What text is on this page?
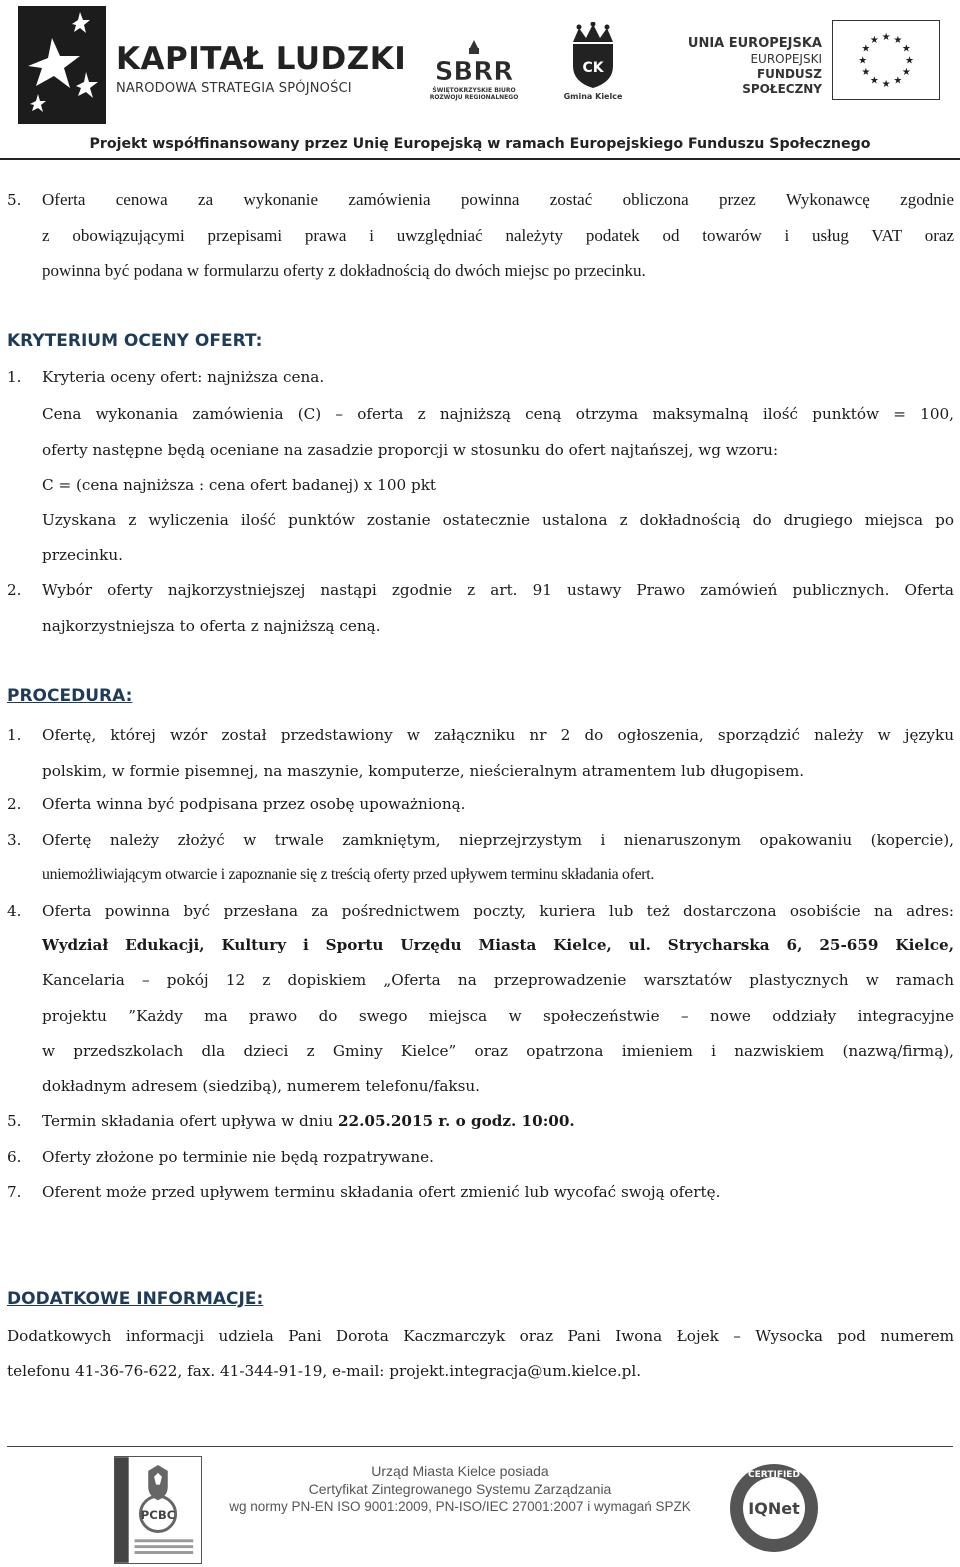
KAPITAŁ LUDZKI
NARODOWA STRATEGIA SPÓJNOŚCI
SBRR
ŚWIĘTOKRZYSKIE BIURO
ROZWOJU REGIONALNEGO
CK
Gmina Kielce
UNIA EUROPEJSKA
EUROPEJSKI
FUNDUSZ SPOŁECZNY
★ ★
★
★
★
★
★
★
★
★
★
★
Projekt współfinansowany przez Unię Europejską w ramach Europejskiego Funduszu Społecznego
5. Oferta cenowa za wykonanie zamówienia powinna zostać obliczona przez Wykonawcę zgodnie
z obowiązującymi przepisami prawa i uwzględniać należyty podatek od towarów i usług VAT oraz
powinna być podana w formularzu oferty z dokładnością do dwóch miejsc po przecinku.
KRYTERIUM OCENY OFERT:
1. Kryteria oceny ofert: najniższa cena.
Cena wykonania zamówienia (C) – oferta z najniższą ceną otrzyma maksymalną ilość punktów = 100,
oferty następne będą oceniane na zasadzie proporcji w stosunku do ofert najtańszej, wg wzoru:
C = (cena najniższa : cena ofert badanej) x 100 pkt
Uzyskana z wyliczenia ilość punktów zostanie ostatecznie ustalona z dokładnością do drugiego miejsca po
przecinku.
2. Wybór oferty najkorzystniejszej nastąpi zgodnie z art. 91 ustawy Prawo zamówień publicznych. Oferta
najkorzystniejsza to oferta z najniższą ceną.
PROCEDURA:
1. Ofertę, której wzór został przedstawiony w załączniku nr 2 do ogłoszenia, sporządzić należy w języku
polskim, w formie pisemnej, na maszynie, komputerze, nieścieralnym atramentem lub długopisem.
2. Oferta winna być podpisana przez osobę upoważnioną.
3. Ofertę należy złożyć w trwale zamkniętym, nieprzejrzystym i nienaruszonym opakowaniu (kopercie),
uniemożliwiającym otwarcie i zapoznanie się z treścią oferty przed upływem terminu składania ofert.
4. Oferta powinna być przesłana za pośrednictwem poczty, kuriera lub też dostarczona osobiście na adres:
Wydział Edukacji, Kultury i Sportu Urzędu Miasta Kielce, ul. Strycharska 6, 25-659 Kielce,
Kancelaria – pokój 12 z dopiskiem „Oferta na przeprowadzenie warsztatów plastycznych w ramach
projektu ”Każdy ma prawo do swego miejsca w społeczeństwie – nowe oddziały integracyjne
w przedszkolach dla dzieci z Gminy Kielce” oraz opatrzona imieniem i nazwiskiem (nazwą/firmą),
dokładnym adresem (siedzibą), numerem telefonu/faksu.
5. Termin składania ofert upływa w dniu 22.05.2015 r. o godz. 10:00.
6. Oferty złożone po terminie nie będą rozpatrywane.
7. Oferent może przed upływem terminu składania ofert zmienić lub wycofać swoją ofertę.
DODATKOWE INFORMACJE:
Dodatkowych informacji udziela Pani Dorota Kaczmarczyk oraz Pani Iwona Łojek – Wysocka pod numerem
telefonu 41-36-76-622, fax. 41-344-91-19, e-mail: projekt.integracja@um.kielce.pl.
PCBC
Urząd Miasta Kielce posiada
Certyfikat Zintegrowanego Systemu Zarządzania
wg normy PN-EN ISO 9001:2009, PN-ISO/IEC 27001:2007 i wymagań SPZK
CERTIFIED
IQNet
